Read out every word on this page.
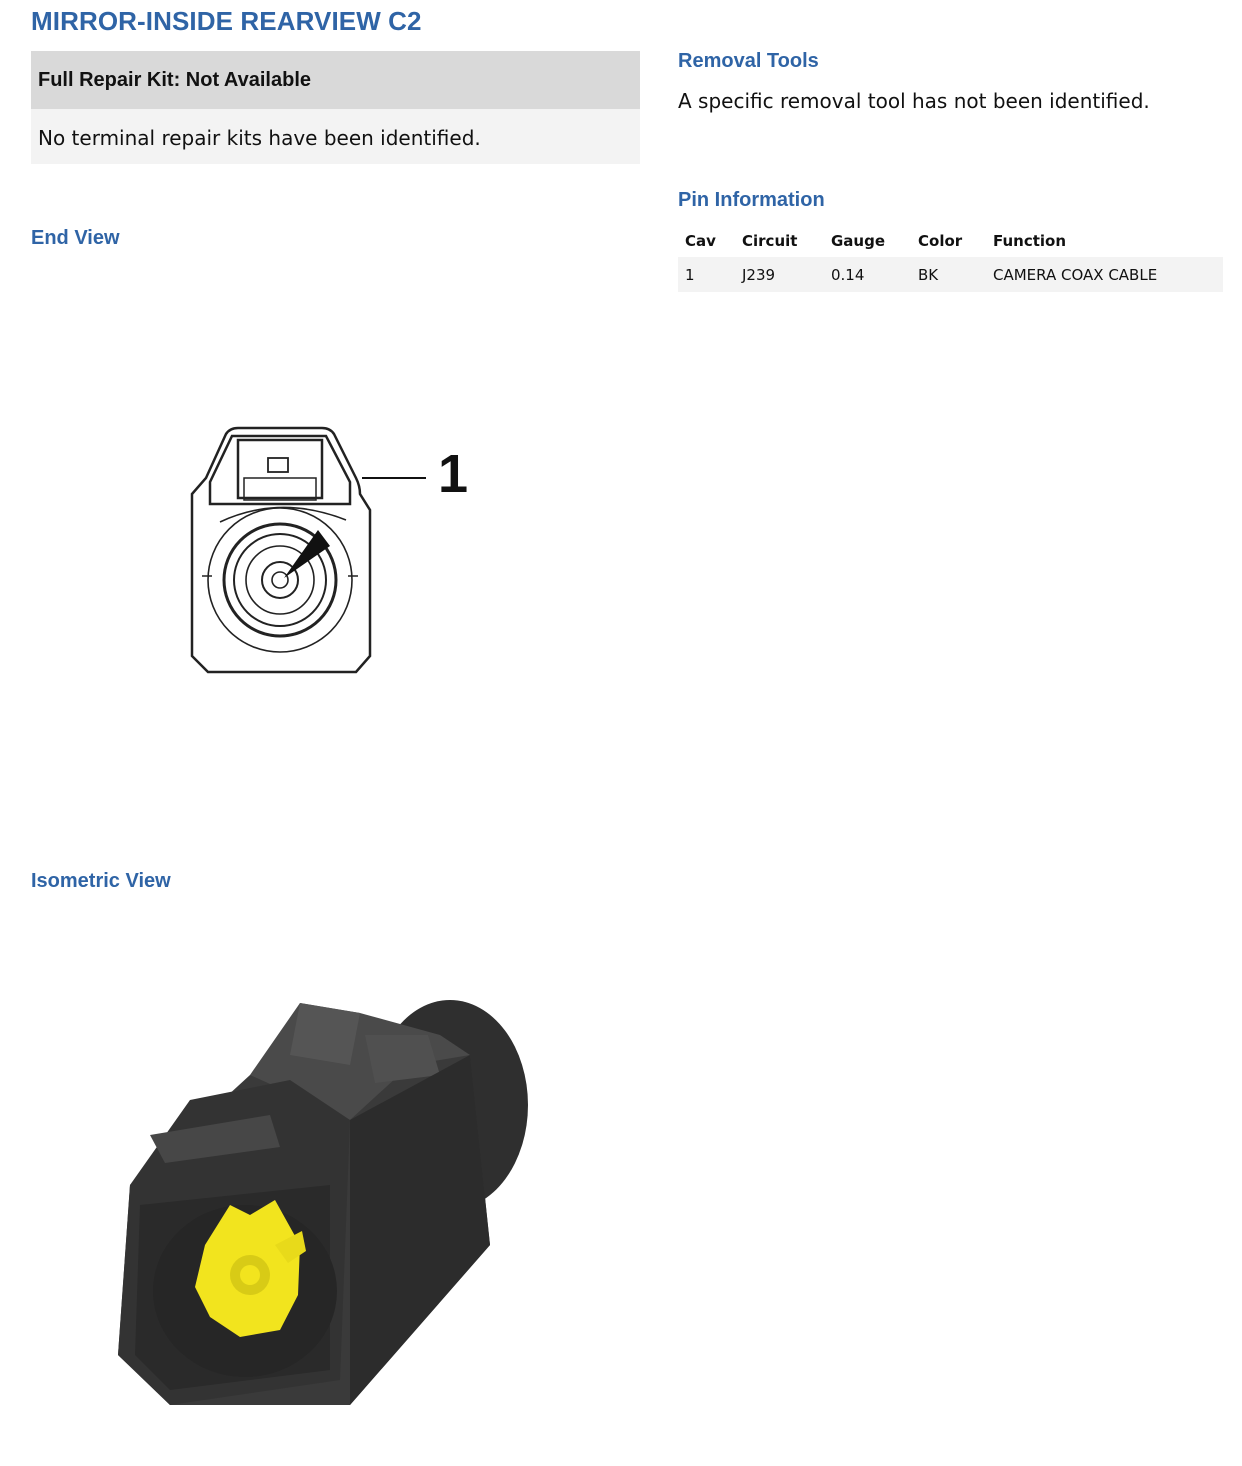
MIRROR-INSIDE REARVIEW C2
Full Repair Kit: Not Available
No terminal repair kits have been identified.
Removal Tools
A specific removal tool has not been identified.
Pin Information
Cav	Circuit	Gauge	Color	Function
1	J239	0.14	BK	CAMERA COAX CABLE
End View
1
Isometric View
